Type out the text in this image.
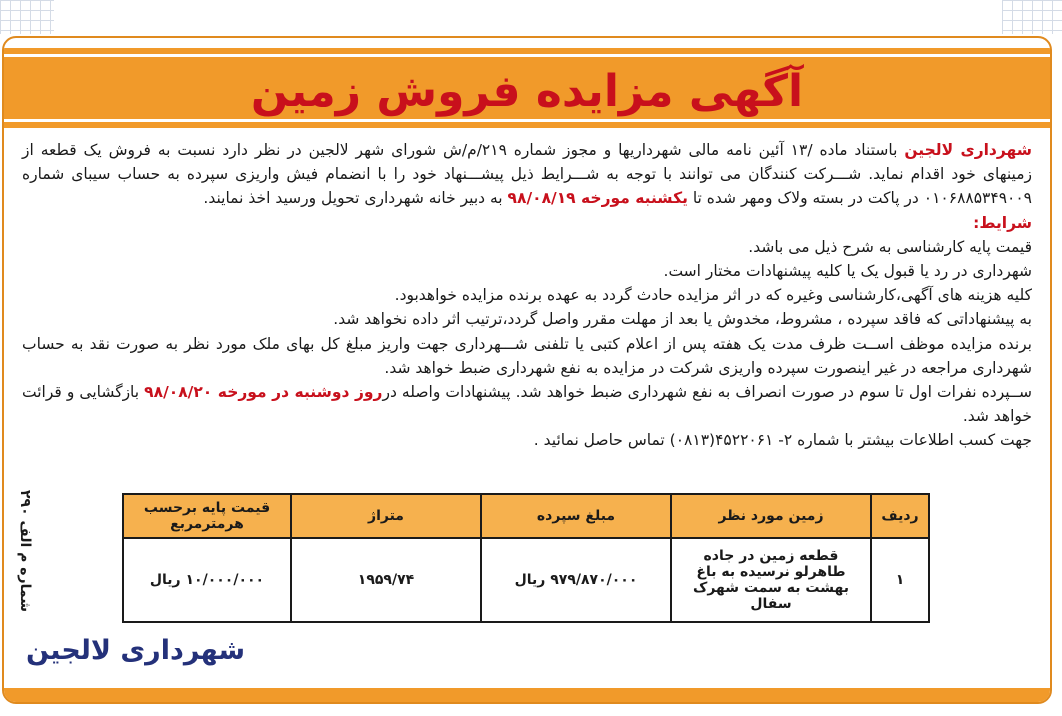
آگهی مزایده فروش زمین

شهرداری لالجین باستناد ماده /۱۳ آئین نامه مالی شهرداریها و مجوز شماره ۲۱۹/م/ش شورای شهر لالجین در نظر دارد نسبت به فروش یک قطعه از زمینهای خود اقدام نماید. شـــرکت کنندگان می توانند با توجه به شـــرایط ذیل پیشـــنهاد خود را با انضمام فیش واریزی سپرده به حساب سیبای شماره ۰۱۰۶۸۸۵۳۴۹۰۰۹ در پاکت در بسته ولاک ومهر شده تا یکشنبه مورخه ۹۸/۰۸/۱۹ به دبیر خانه شهرداری تحویل ورسید اخذ نمایند.

شرایط:

قیمت پایه کارشناسی به شرح ذیل می باشد.

شهرداری در رد یا قبول یک یا کلیه پیشنهادات مختار است.

کلیه هزینه های آگهی،کارشناسی وغیره که در اثر مزایده حادث گردد به عهده برنده مزایده خواهدبود.

به پیشنهاداتی که فاقد سپرده ، مشروط، مخدوش یا بعد از مهلت مقرر واصل گردد،ترتیب اثر داده نخواهد شد.

برنده مزایده موظف اســت ظرف مدت یک هفته پس از اعلام کتبی یا تلفنی شـــهرداری جهت واریز مبلغ کل بهای ملک مورد نظر به صورت نقد به حساب شهرداری مراجعه در غیر اینصورت سپرده واریزی شرکت در مزایده به نفع شهرداری ضبط خواهد شد.

ســپرده نفرات اول تا سوم در صورت انصراف به نفع شهرداری ضبط خواهد شد. پیشنهادات واصله درروز دوشنبه در مورخه ۹۸/۰۸/۲۰ بازگشایی و قرائت خواهد شد.

جهت کسب اطلاعات بیشتر با شماره ۲- ۴۵۲۲۰۶۱(۰۸۱۳) تماس حاصل نمائید .

ردیف	زمین مورد نظر	مبلغ سپرده	متراژ	قیمت پایه برحسب هرمترمربع
۱	قطعه زمین در جاده طاهرلو نرسیده به باغ بهشت به سمت شهرک سفال	۹۷۹/۸۷۰/۰۰۰ ریال	۱۹۵۹/۷۴	۱۰/۰۰۰/۰۰۰ ریال
شماره م الف ۲۹۰
شهرداری لالجین
